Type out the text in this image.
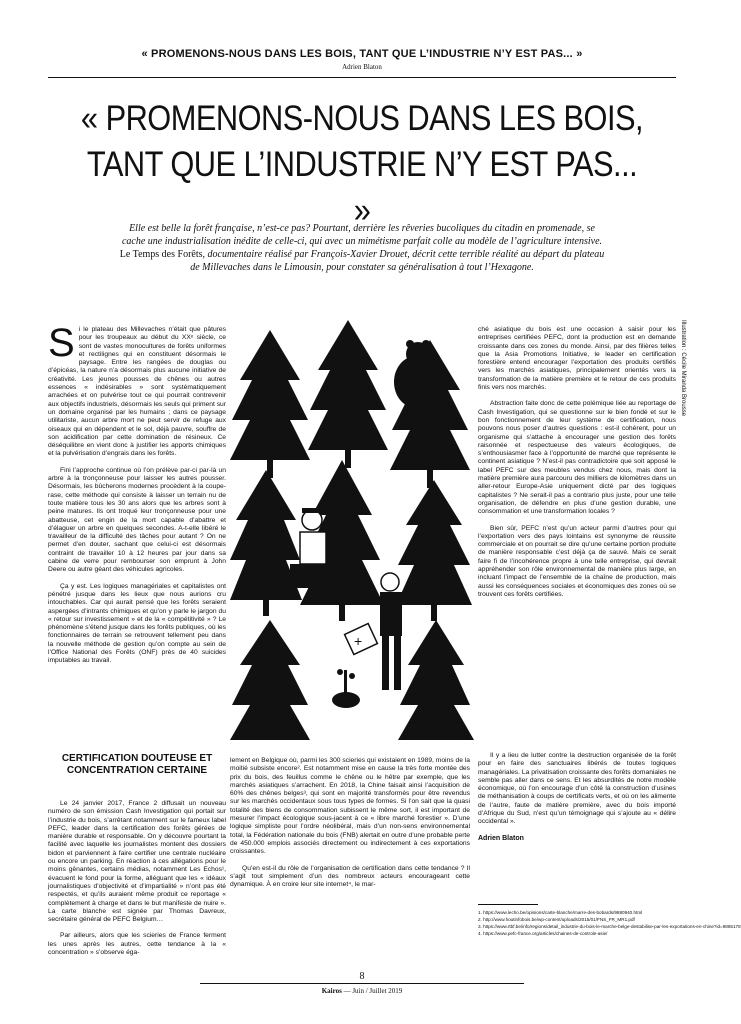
« PROMENONS-NOUS DANS LES BOIS, TANT QUE L’INDUSTRIE N’Y EST PAS... »
Adrien Blaton
« PROMENONS-NOUS DANS LES BOIS,
TANT QUE L’INDUSTRIE N’Y EST PAS... »
Elle est belle la forêt française, n’est-ce pas? Pourtant, derrière les rêveries bucoliques du citadin en promenade, se cache une industrialisation inédite de celle-ci, qui avec un mimétisme parfait colle au modèle de l’agriculture intensive. Le Temps des Forêts, documentaire réalisé par François-Xavier Drouet, décrit cette terrible réalité au départ du plateau de Millevaches dans le Limousin, pour constater sa généralisation à tout l’Hexagone.
Illustration : Cécile Miranda Brousse

Si le plateau des Millevaches n’était que pâtures pour les troupeaux au début du XXᵉ siècle, ce sont de vastes monocultures de forêts uniformes et rectilignes qui en constituent désormais le paysage. Entre les rangées de douglas ou d’épicéas, la nature n’a désormais plus aucune initiative de créativité. Les jeunes pousses de chênes ou autres essences « indésirables » sont systématiquement arrachées et on pulvérise tout ce qui pourrait contrevenir aux objectifs industriels, désormais les seuls qui priment sur un domaine organisé par les humains ; dans ce paysage utilitariste, aucun arbre mort ne peut servir de refuge aux oiseaux qui en dépendent et le sol, déjà pauvre, souffre de son acidification par cette domination de résineux. Ce déséquilibre en vient donc à justifier les apports chimiques et la pulvérisation d’engrais dans les forêts.

Fini l’approche continue où l’on prélève par-ci par-là un arbre à la tronçonneuse pour laisser les autres pousser. Désormais, les bûcherons modernes procèdent à la coupe-rase, cette méthode qui consiste à laisser un terrain nu de toute matière tous les 30 ans alors que les arbres sont à peine matures. Ils ont troqué leur tronçonneuse pour une abatteuse, cet engin de la mort capable d’abattre et d’élaguer un arbre en quelques secondes. A-t-elle libéré le travailleur de la difficulté des tâches pour autant ? On ne permet d’en douter, sachant que celui-ci est désormais contraint de travailler 10 à 12 heures par jour dans sa cabine de verre pour rembourser son emprunt à John Deere ou autre géant des véhicules agricoles.

Ça y est. Les logiques managériales et capitalistes ont pénétré jusque dans les lieux que nous aurions cru intouchables. Car qui aurait pensé que les forêts seraient aspergées d’intrants chimiques et qu’on y parle le jargon du « retour sur investissement » et de la « compétitivité » ? Le phénomène s’étend jusque dans les forêts publiques, où les fonctionnaires de terrain se retrouvent tellement peu dans la nouvelle méthode de gestion qu’on compte au sein de l’Office National des Forêts (ONF) près de 40 suicides imputables au travail.

CERTIFICATION DOUTEUSE ET CONCENTRATION CERTAINE

Le 24 janvier 2017, France 2 diffusait un nouveau numéro de son émission Cash Investigation qui portait sur l’industrie du bois, s’arrêtant notamment sur le fameux label PEFC, leader dans la certification des forêts gérées de manière durable et responsable. On y découvre pourtant la facilité avec laquelle les journalistes montent des dossiers bidon et parviennent à faire certifier une centrale nucléaire ou encore un parking. En réaction à ces allégations pour le moins gênantes, certains médias, notamment Les Echos¹, évacuent le fond pour la forme, alléguant que les « idéaux journalistiques d’objectivité et d’impartialité » n’ont pas été respectés, et qu’ils auraient même produit ce reportage « complètement à charge et dans le but manifeste de nuire ». La carte blanche est signée par Thomas Davreux, secrétaire général de PEFC Belgium…

Par ailleurs, alors que les scieries de France ferment les unes après les autres, cette tendance à la « concentration » s’observe éga-

lement en Belgique où, parmi les 300 scieries qui existaient en 1989, moins de la moitié subsiste encore². Est notamment mise en cause la très forte montée des prix du bois, des feuillus comme le chêne ou le hêtre par exemple, que les marchés asiatiques s’arrachent. En 2018, la Chine faisait ainsi l’acquisition de 60% des chênes belges³, qui sont en majorité transformés pour être revendus sur les marchés occidentaux sous tous types de formes. Si l’on sait que la quasi totalité des biens de consommation subissent le même sort, il est important de mesurer l’impact écologique sous-jacent à ce « libre marché forestier ». D’une logique simpliste pour l’ordre néolibéral, mais d’un non-sens environnemental total, la Fédération nationale du bois (FNB) alertait en outre d’une probable perte de 450.000 emplois associés directement ou indirectement à ces exportations croissantes.

Qu’en est-il du rôle de l’organisation de certification dans cette tendance ? Il s’agit tout simplement d’un des nombreux acteurs encourageant cette dynamique. À en croire leur site internet⁴, le mar-

ché asiatique du bois est une occasion à saisir pour les entreprises certifiées PEFC, dont la production est en demande croissante dans ces zones du monde. Ainsi, par des filières telles que la Asia Promotions Initiative, le leader en certification forestière entend encourager l’exportation des produits certifiés vers les marchés asiatiques, principalement orientés vers la transformation de la matière première et le retour de ces produits finis vers nos marchés.

Abstraction faite donc de cette polémique liée au reportage de Cash Investigation, qui se questionne sur le bien fondé et sur le bon fonctionnement de leur système de certification, nous pouvons nous poser d’autres questions : est-il cohérent, pour un organisme qui s’attache à encourager une gestion des forêts raisonnée et respectueuse des valeurs écologiques, de s’enthousiasmer face à l’opportunité de marché que représente le continent asiatique ? N’est-il pas contradictoire que soit apposé le label PEFC sur des meubles vendus chez nous, mais dont la matière première aura parcouru des milliers de kilomètres dans un aller-retour Europe-Asie uniquement dicté par des logiques capitalistes ? Ne serait-il pas a contrario plus juste, pour une telle organisation, de défendre en plus d’une gestion durable, une consommation et une transformation locales ?

Bien sûr, PEFC n’est qu’un acteur parmi d’autres pour qui l’exportation vers des pays lointains est synonyme de réussite commerciale et on pourrait se dire qu’une certaine portion produite de manière responsable c’est déjà ça de sauvé. Mais ce serait faire fi de l’incohérence propre à une telle entreprise, qui devrait appréhender son rôle environnemental de manière plus large, en incluant l’impact de l’ensemble de la chaîne de production, mais aussi les conséquences sociales et économiques des zones où se trouvent ces forêts certifiées.

Il y a lieu de lutter contre la destruction organisée de la forêt pour en faire des sanctuaires libérés de toutes logiques managériales. La privatisation croissante des forêts domaniales ne semble pas aller dans ce sens. Et les absurdités de notre modèle économique, où l’on encourage d’un côté la construction d’usines de méthanisation à coups de certificats verts, et où on les alimente de l’autre, faute de matière première, avec du bois importé d’Afrique du Sud, n’est qu’un témoignage qui s’ajoute au « délire occidental ».

Adrien Blaton

+
1. https://www.lecho.be/opinions/carte-blanche/marre-des-bobards/9880940.html
2. http://www.houtinfobois.be/wp-content/uploads/2015/01/FNS_FR_MR1.pdf
3. https://www.rtbf.be/info/regions/detail_industrie-du-bois-le-marche-belge-destabilise-par-les-exportations-en-chine?id=9865178
4. https://www.pefc-france.org/articles/chaines-de-controle-asie/
8
Kairos — Juin / Juillet 2019
